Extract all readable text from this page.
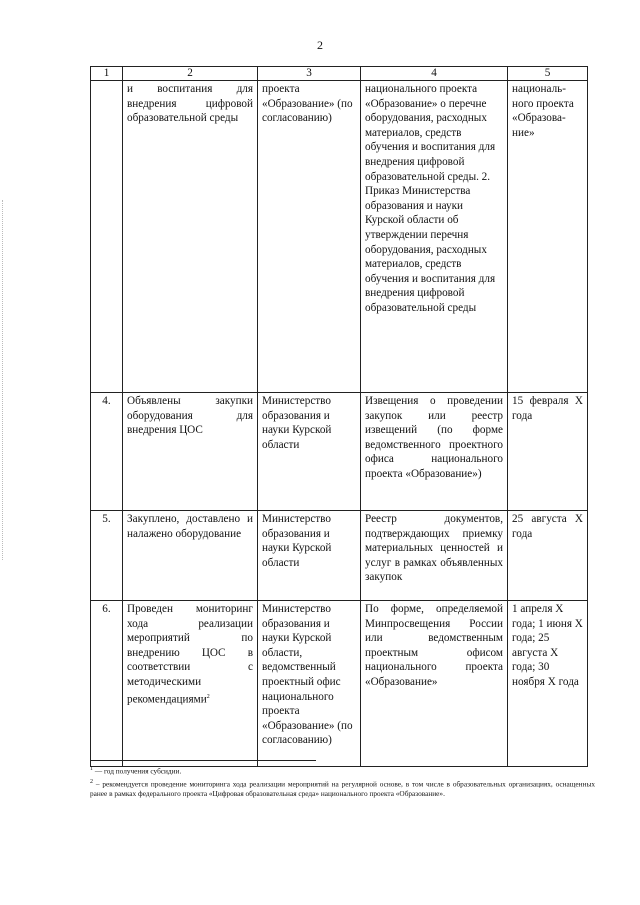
2
1	2	3	4	5
	и воспитания для внедрения цифровой образовательной среды	проекта «Образование» (по согласованию)	национального проекта «Образование» о перечне оборудования, расходных материалов, средств обучения и воспитания для внедрения цифровой образовательной среды. 2. Приказ Министерства образования и науки Курской области об утверждении перечня оборудования, расходных материалов, средств обучения и воспитания для внедрения цифровой образовательной среды	националь-ного проекта «Образова-ние»
4.	Объявлены закупки оборудования для внедрения ЦОС	Министерство образования и науки Курской области	Извещения о проведении закупок или реестр извещений (по форме ведомственного проектного офиса национального проекта «Образование»)	15 февраля Х года
5.	Закуплено, доставлено и налажено оборудование	Министерство образования и науки Курской области	Реестр документов, подтверждающих приемку материальных ценностей и услуг в рамках объявленных закупок	25 августа Х года
6.	Проведен мониторинг хода реализации мероприятий по внедрению ЦОС в соответствии с методическими рекомендациями$^2$	Министерство образования и науки Курской области, ведомственный проектный офис национального проекта «Образование» (по согласованию)	По форме, определяемой Минпросвещения России или ведомственным проектным офисом национального проекта «Образование»	1 апреля Х года; 1 июня Х года; 25 августа Х года; 30 ноября Х года
$^1$ — год получения субсидии.
$^2$ – рекомендуется проведение мониторинга хода реализации мероприятий на регулярной основе, в том числе в образовательных организациях, оснащенных ранее в рамках федерального проекта «Цифровая образовательная среда» национального проекта «Образование».
